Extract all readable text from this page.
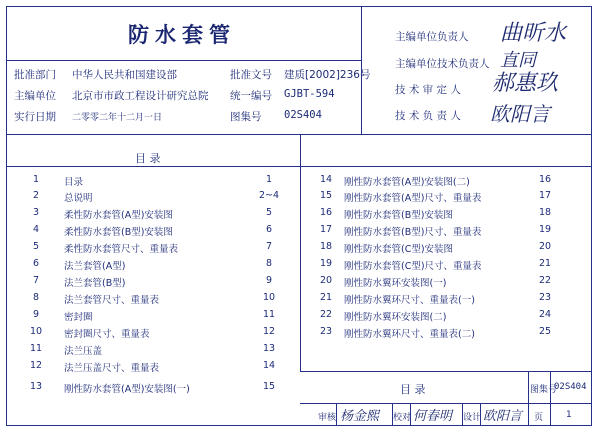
防水套管
批准部门 中华人民共和国建设部
主编单位 北京市市政工程设计研究总院
实行日期 二零零二年十二月一日
批准文号 建质[2002]236号
统一编号 GJBT-594
图集号 02S404
主编单位负责人 曲昕水
主编单位技术负责人 直同
技 术 审 定 人 郝惠玖
技 术 负 责 人 欧阳言
目 录
1	目录	1
2	总说明	2~4
3	柔性防水套管(A型)安装图	5
4	柔性防水套管(B型)安装图	6
5	柔性防水套管尺寸、重量表	7
6	法兰套管(A型)	8
7	法兰套管(B型)	9
8	法兰套管尺寸、重量表	10
9	密封圈	11
10	密封圈尺寸、重量表	12
11	法兰压盖	13
12	法兰压盖尺寸、重量表	14
13	刚性防水套管(A型)安装图(一)	15
14	刚性防水套管(A型)安装图(二)	16
15	刚性防水套管(A型)尺寸、重量表	17
16	刚性防水套管(B型)安装图	18
17	刚性防水套管(B型)尺寸、重量表	19
18	刚性防水套管(C型)安装图	20
19	刚性防水套管(C型)尺寸、重量表	21
20	刚性防水翼环安装图(一)	22
21	刚性防水翼环尺寸、重量表(一)	23
22	刚性防水翼环安装图(二)	24
23	刚性防水翼环尺寸、重量表(二)	25
目 录	图集号
02S404
审核 杨金熙 校对 何春明 设计 欧阳言 页	1
